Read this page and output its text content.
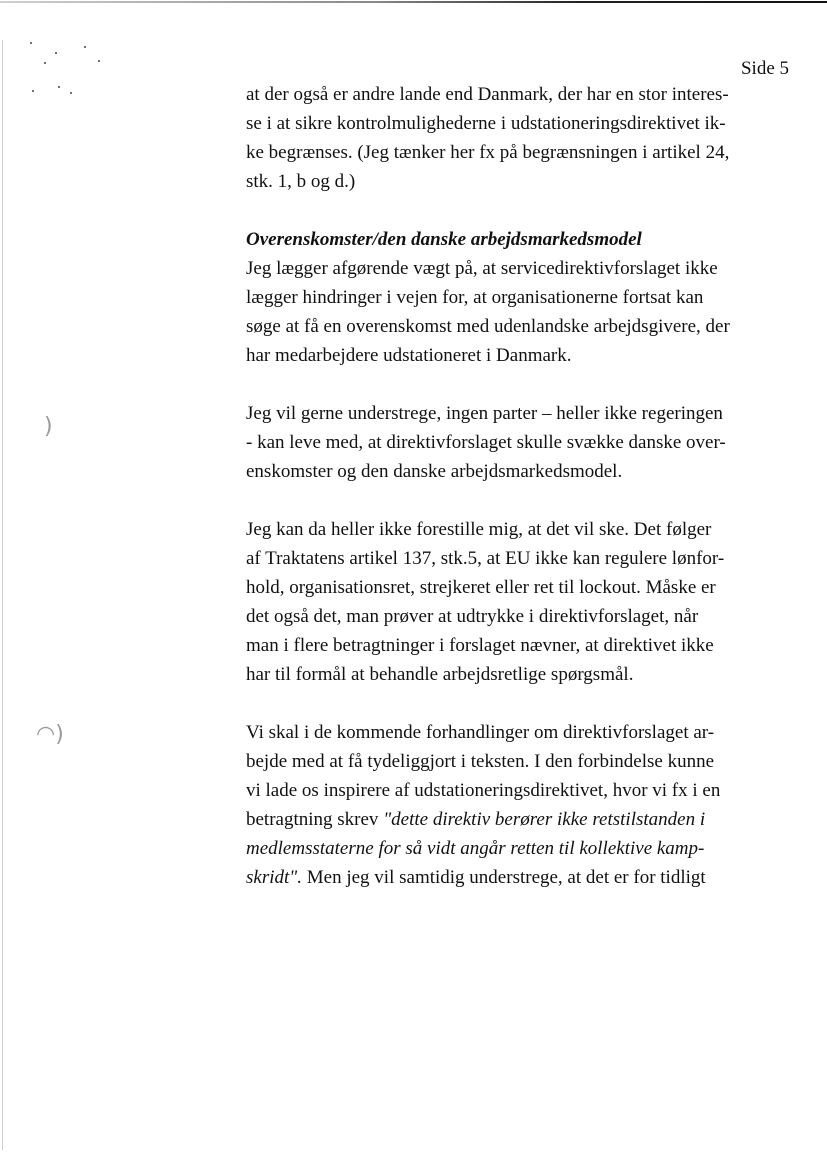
)
◠)
Side 5

at der også er andre lande end Danmark, der har en stor interes-
se i at sikre kontrolmulighederne i udstationeringsdirektivet ik-
ke begrænses. (Jeg tænker her fx på begrænsningen i artikel 24,
stk. 1, b og d.)

Overenskomster/den danske arbejdsmarkedsmodel
Jeg lægger afgørende vægt på, at servicedirektivforslaget ikke
lægger hindringer i vejen for, at organisationerne fortsat kan
søge at få en overenskomst med udenlandske arbejdsgivere, der
har medarbejdere udstationeret i Danmark.

Jeg vil gerne understrege, ingen parter – heller ikke regeringen
- kan leve med, at direktivforslaget skulle svække danske over-
enskomster og den danske arbejdsmarkedsmodel.

Jeg kan da heller ikke forestille mig, at det vil ske. Det følger
af Traktatens artikel 137, stk.5, at EU ikke kan regulere lønfor-
hold, organisationsret, strejkeret eller ret til lockout. Måske er
det også det, man prøver at udtrykke i direktivforslaget, når
man i flere betragtninger i forslaget nævner, at direktivet ikke
har til formål at behandle arbejdsretlige spørgsmål.

Vi skal i de kommende forhandlinger om direktivforslaget ar-
bejde med at få tydeliggjort i teksten. I den forbindelse kunne
vi lade os inspirere af udstationeringsdirektivet, hvor vi fx i en
betragtning skrev "dette direktiv berører ikke retstilstanden i
medlemsstaterne for så vidt angår retten til kollektive kamp-
skridt". Men jeg vil samtidig understrege, at det er for tidligt
